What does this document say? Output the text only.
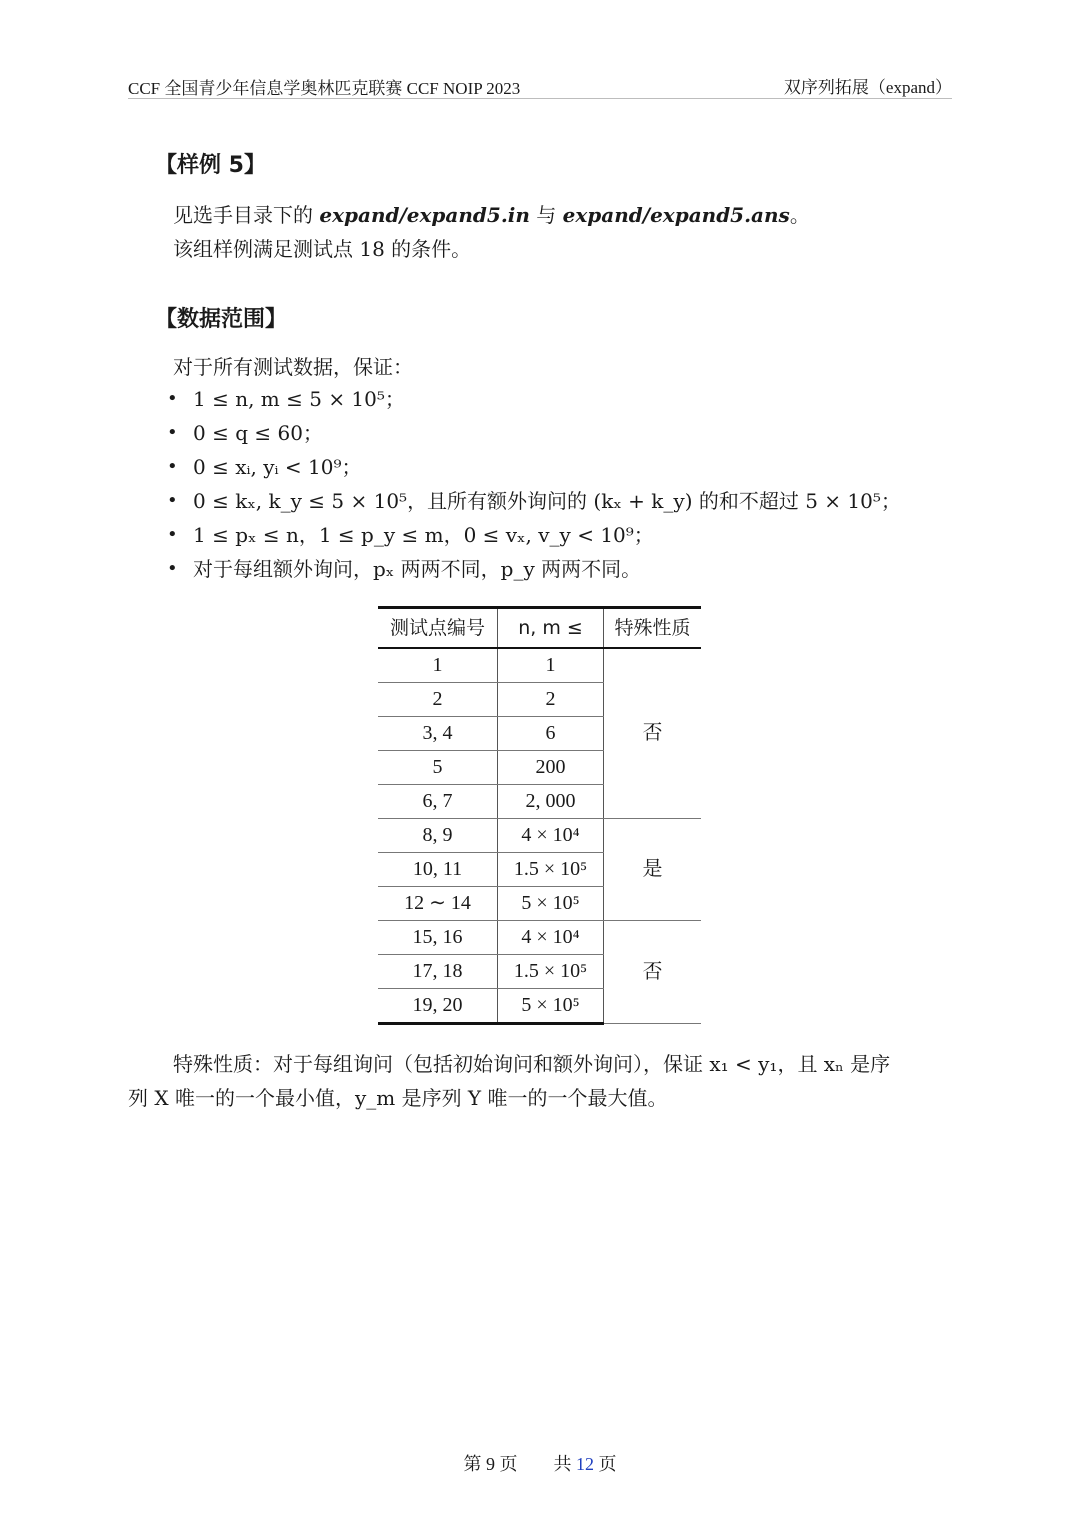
CCF 全国青少年信息学奥林匹克联赛 CCF NOIP 2023	双序列拓展（expand）
【样例 5】
见选手目录下的 expand/expand5.in 与 expand/expand5.ans。
该组样例满足测试点 18 的条件。
【数据范围】
对于所有测试数据，保证：
• 1 ≤ n, m ≤ 5 × 10⁵；
• 0 ≤ q ≤ 60；
• 0 ≤ xᵢ, yᵢ < 10⁹；
• 0 ≤ kₓ, k_y ≤ 5 × 10⁵，且所有额外询问的 (kₓ + k_y) 的和不超过 5 × 10⁵；
• 1 ≤ pₓ ≤ n，1 ≤ p_y ≤ m，0 ≤ vₓ, v_y < 10⁹；
• 对于每组额外询问，pₓ 两两不同，p_y 两两不同。
测试点编号	n, m ≤	特殊性质
1	1	否
2	2	
3, 4	6	
5	200	
6, 7	2, 000	
8, 9	4 × 10⁴	是
10, 11	1.5 × 10⁵	
12 ∼ 14	5 × 10⁵	
15, 16	4 × 10⁴	否
17, 18	1.5 × 10⁵	
19, 20	5 × 10⁵	
特殊性质：对于每组询问（包括初始询问和额外询问），保证 x₁ < y₁，且 xₙ 是序
列 X 唯一的一个最小值，y_m 是序列 Y 唯一的一个最大值。
第 9 页 共 12 页
